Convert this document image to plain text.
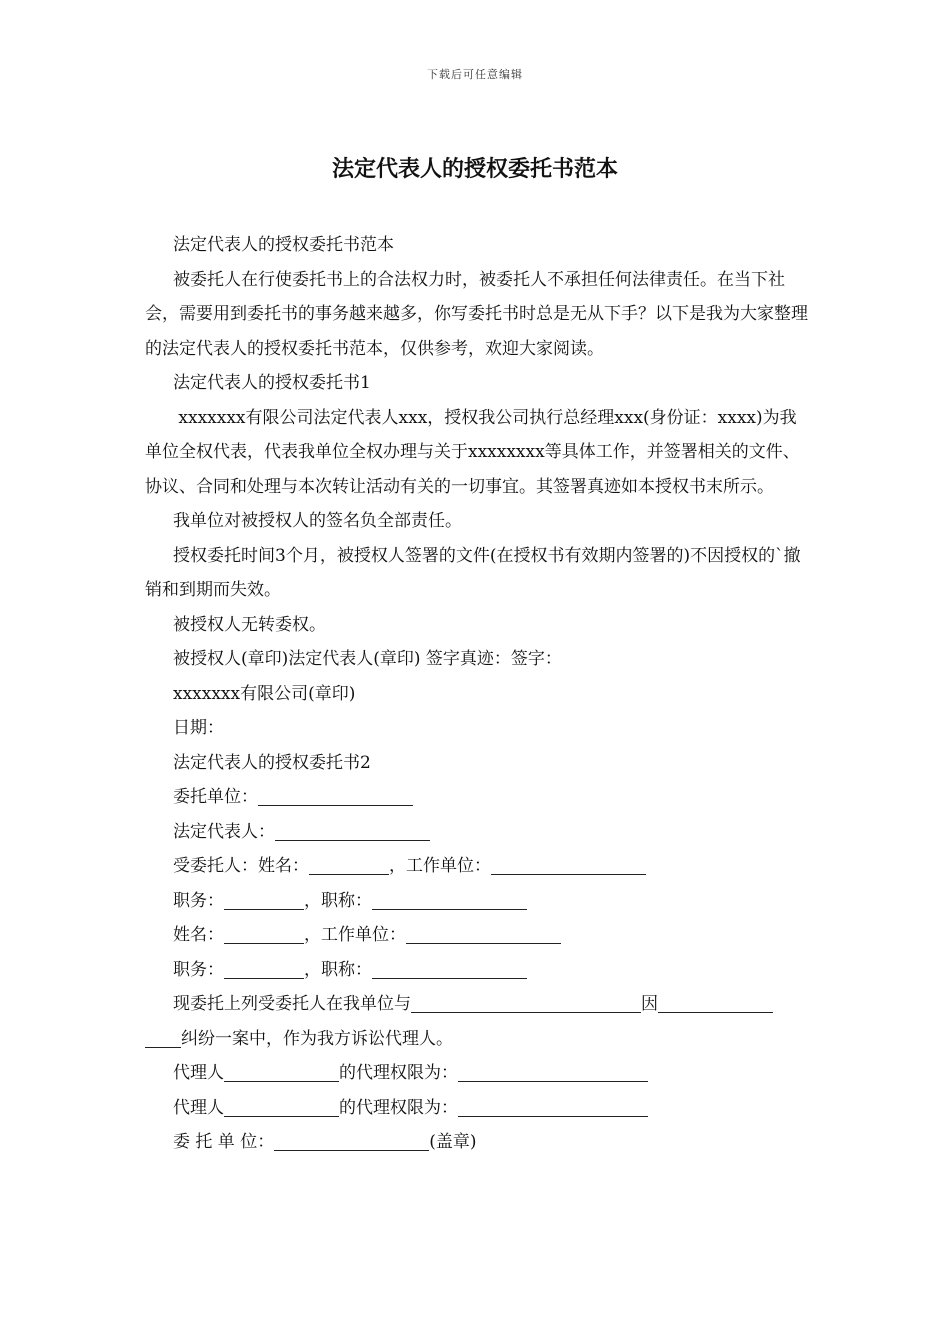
下载后可任意编辑
法定代表人的授权委托书范本

法定代表人的授权委托书范本

被委托人在行使委托书上的合法权力时，被委托人不承担任何法律责任。在当下社会，需要用到委托书的事务越来越多，你写委托书时总是无从下手？以下是我为大家整理的法定代表人的授权委托书范本，仅供参考，欢迎大家阅读。

法定代表人的授权委托书1

xxxxxxx有限公司法定代表人xxx，授权我公司执行总经理xxx(身份证：xxxx)为我单位全权代表，代表我单位全权办理与关于xxxxxxxx等具体工作，并签署相关的文件、协议、合同和处理与本次转让活动有关的一切事宜。其签署真迹如本授权书末所示。

我单位对被授权人的签名负全部责任。

授权委托时间3个月，被授权人签署的文件(在授权书有效期内签署的)不因授权的`撤销和到期而失效。

被授权人无转委权。

被授权人(章印)法定代表人(章印) 签字真迹：签字：

xxxxxxx有限公司(章印)

日期：

法定代表人的授权委托书2

委托单位：
法定代表人：
受委托人：姓名：	，工作单位：
职务：	，职称：
姓名：	，工作单位：
职务：	，职称：
现委托上列受委托人在我单位与	因
纠纷一案中，作为我方诉讼代理人。
代理人	的代理权限为：
代理人	的代理权限为：
委 托 单 位：	(盖章)
